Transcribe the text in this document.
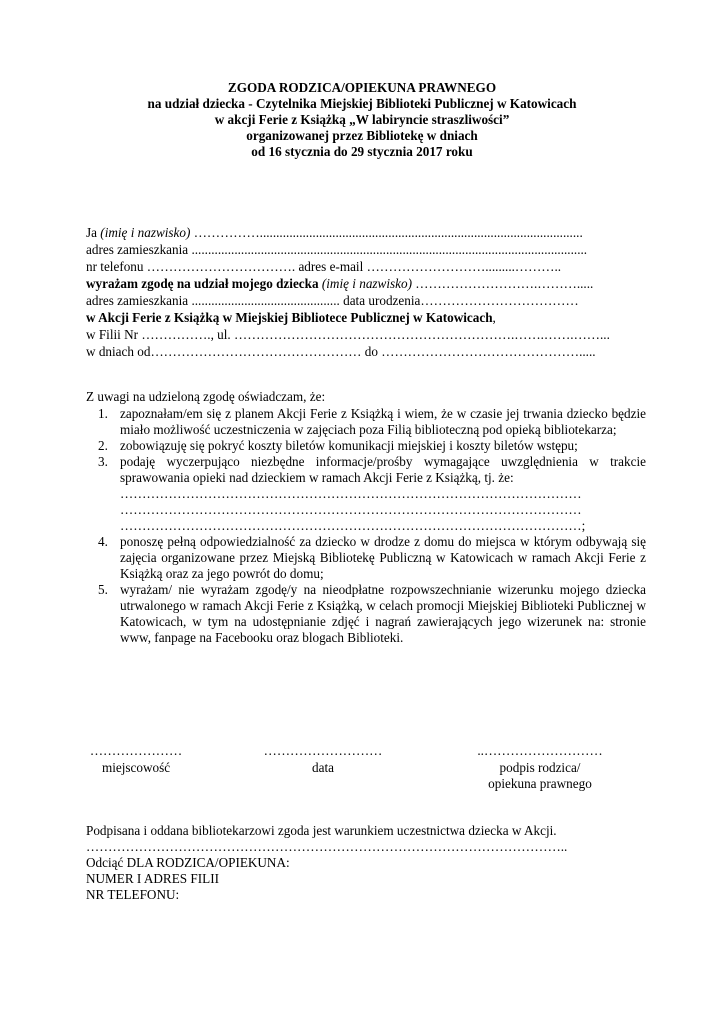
ZGODA RODZICA/OPIEKUNA PRAWNEGO
na udział dziecka - Czytelnika Miejskiej Biblioteki Publicznej w Katowicach
w akcji Ferie z Książką „W labiryncie straszliwości”
organizowanej przez Bibliotekę w dniach
od 16 stycznia do 29 stycznia 2017 roku
Ja (imię i nazwisko) ……………..................................................................................................
adres zamieszkania ........................................................................................................................
nr telefonu ……………………………. adres e-mail ……………………….........………..
wyrażam zgodę na udział mojego dziecka (imię i nazwisko) ……………………….……….....
adres zamieszkania ............................................. data urodzenia………………………………
w Akcji Ferie z Książką w Miejskiej Bibliotece Publicznej w Katowicach,
w Filii Nr ……………., ul. ……………………………………………………….…….…….……...
w dniach od………………………………………… do ……………………………………….....
Z uwagi na udzieloną zgodę oświadczam, że:
1. zapoznałam/em się z planem Akcji Ferie z Książką i wiem, że w czasie jej trwania dziecko będzie miało możliwość uczestniczenia w zajęciach poza Filią biblioteczną pod opieką bibliotekarza;
2. zobowiązuję się pokryć koszty biletów komunikacji miejskiej i koszty biletów wstępu;
3. podaję wyczerpująco niezbędne informacje/prośby wymagające uwzględnienia w trakcie sprawowania opieki nad dzieckiem w ramach Akcji Ferie z Książką, tj. że:
……………………………………………………………………………………………
……………………………………………………………………………………………
……………………………………………………………………………………………;
4. ponoszę pełną odpowiedzialność za dziecko w drodze z domu do miejsca w którym odbywają się zajęcia organizowane przez Miejską Bibliotekę Publiczną w Katowicach w ramach Akcji Ferie z Książką oraz za jego powrót do domu;
5. wyrażam/ nie wyrażam zgodę/y na nieodpłatne rozpowszechnianie wizerunku mojego dziecka utrwalonego w ramach Akcji Ferie z Książką, w celach promocji Miejskiej Biblioteki Publicznej w Katowicach, w tym na udostępnianie zdjęć i nagrań zawierających jego wizerunek na: stronie www, fanpage na Facebooku oraz blogach Biblioteki.
…………………
miejscowość
………………………
data
..………………………
podpis rodzica/
opiekuna prawnego
Podpisana i oddana bibliotekarzowi zgoda jest warunkiem uczestnictwa dziecka w Akcji.
………………………………………………………………………………………………..
Odciąć DLA RODZICA/OPIEKUNA:
NUMER I ADRES FILII
NR TELEFONU:
